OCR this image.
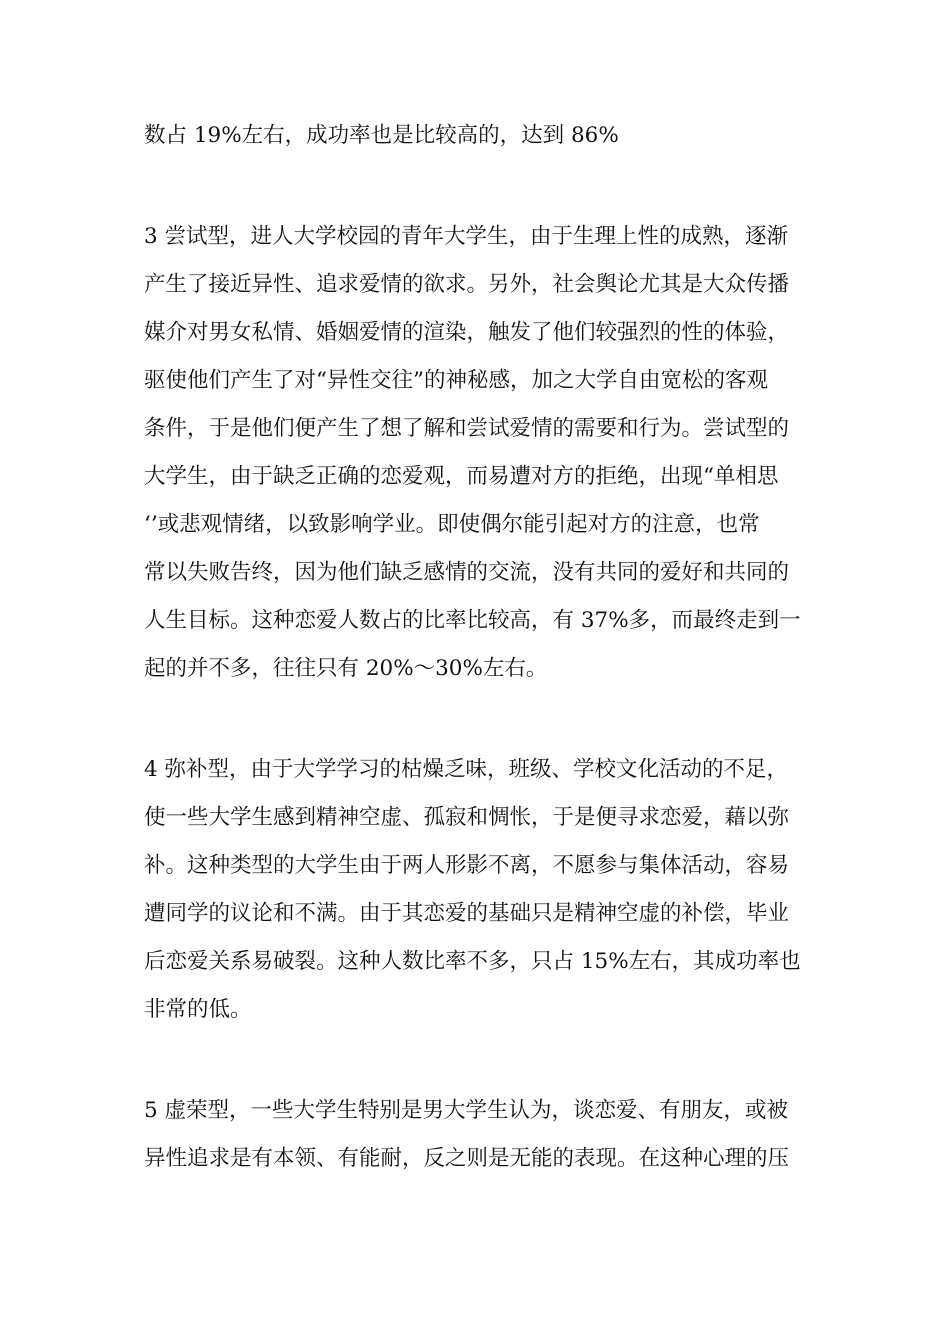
数占 19%左右，成功率也是比较高的，达到 86%
3 尝试型，进人大学校园的青年大学生，由于生理上性的成熟，逐渐
产生了接近异性、追求爱情的欲求。另外，社会舆论尤其是大众传播
媒介对男女私情、婚姻爱情的渲染，触发了他们较强烈的性的体验，
驱使他们产生了对“异性交往”的神秘感，加之大学自由宽松的客观
条件，于是他们便产生了想了解和尝试爱情的需要和行为。尝试型的
大学生，由于缺乏正确的恋爱观，而易遭对方的拒绝，出现“单相思
‘’或悲观情绪，以致影响学业。即使偶尔能引起对方的注意，也常
常以失败告终，因为他们缺乏感情的交流，没有共同的爱好和共同的
人生目标。这种恋爱人数占的比率比较高，有 37%多，而最终走到一
起的并不多，往往只有 20%～30%左右。
4 弥补型，由于大学学习的枯燥乏味，班级、学校文化活动的不足，
使一些大学生感到精神空虚、孤寂和惆怅，于是便寻求恋爱，藉以弥
补。这种类型的大学生由于两人形影不离，不愿参与集体活动，容易
遭同学的议论和不满。由于其恋爱的基础只是精神空虚的补偿，毕业
后恋爱关系易破裂。这种人数比率不多，只占 15%左右，其成功率也
非常的低。
5 虚荣型，一些大学生特别是男大学生认为，谈恋爱、有朋友，或被
异性追求是有本领、有能耐，反之则是无能的表现。在这种心理的压
